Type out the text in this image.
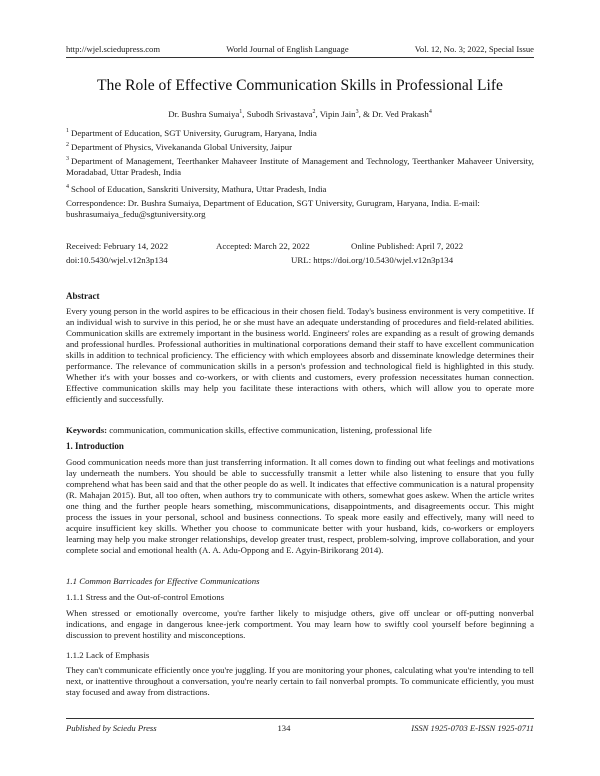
http://wjel.sciedupress.com	World Journal of English Language	Vol. 12, No. 3; 2022, Special Issue
The Role of Effective Communication Skills in Professional Life
Dr. Bushra Sumaiya$^1$, Subodh Srivastava$^2$, Vipin Jain$^3$, & Dr. Ved Prakash$^4$
$^1$ Department of Education, SGT University, Gurugram, Haryana, India
$^2$ Department of Physics, Vivekananda Global University, Jaipur
$^3$ Department of Management, Teerthanker Mahaveer Institute of Management and Technology, Teerthanker Mahaveer University, Moradabad, Uttar Pradesh, India
$^4$ School of Education, Sanskriti University, Mathura, Uttar Pradesh, India
Correspondence: Dr. Bushra Sumaiya, Department of Education, SGT University, Gurugram, Haryana, India. E-mail: bushrasumaiya_fedu@sgtuniversity.org
Received: February 14, 2022	Accepted: March 22, 2022	Online Published: April 7, 2022
doi:10.5430/wjel.v12n3p134	URL: https://doi.org/10.5430/wjel.v12n3p134
Abstract
Every young person in the world aspires to be efficacious in their chosen field. Today's business environment is very competitive. If an individual wish to survive in this period, he or she must have an adequate understanding of procedures and field-related abilities. Communication skills are extremely important in the business world. Engineers' roles are expanding as a result of growing demands and professional hurdles. Professional authorities in multinational corporations demand their staff to have excellent communication skills in addition to technical proficiency. The efficiency with which employees absorb and disseminate knowledge determines their performance. The relevance of communication skills in a person's profession and technological field is highlighted in this study. Whether it's with your bosses and co-workers, or with clients and customers, every profession necessitates human connection. Effective communication skills may help you facilitate these interactions with others, which will allow you to operate more efficiently and successfully.
Keywords: communication, communication skills, effective communication, listening, professional life
1. Introduction
Good communication needs more than just transferring information. It all comes down to finding out what feelings and motivations lay underneath the numbers. You should be able to successfully transmit a letter while also listening to ensure that you fully comprehend what has been said and that the other people do as well. It indicates that effective communication is a natural propensity (R. Mahajan 2015). But, all too often, when authors try to communicate with others, somewhat goes askew. When the article writes one thing and the further people hears something, miscommunications, disappointments, and disagreements occur. This might process the issues in your personal, school and business connections. To speak more easily and effectively, many will need to acquire insufficient key skills. Whether you choose to communicate better with your husband, kids, co-workers or employers learning may help you make stronger relationships, develop greater trust, respect, problem-solving, improve collaboration, and your complete social and emotional health (A. A. Adu-Oppong and E. Agyin-Birikorang 2014).
1.1 Common Barricades for Effective Communications
1.1.1 Stress and the Out-of-control Emotions
When stressed or emotionally overcome, you're farther likely to misjudge others, give off unclear or off-putting nonverbal indications, and engage in dangerous knee-jerk comportment. You may learn how to swiftly cool yourself before beginning a discussion to prevent hostility and misconceptions.
1.1.2 Lack of Emphasis
They can't communicate efficiently once you're juggling. If you are monitoring your phones, calculating what you're intending to tell next, or inattentive throughout a conversation, you're nearly certain to fail nonverbal prompts. To communicate efficiently, you must stay focused and away from distractions.
Published by Sciedu Press	134	ISSN 1925-0703 E-ISSN 1925-0711
